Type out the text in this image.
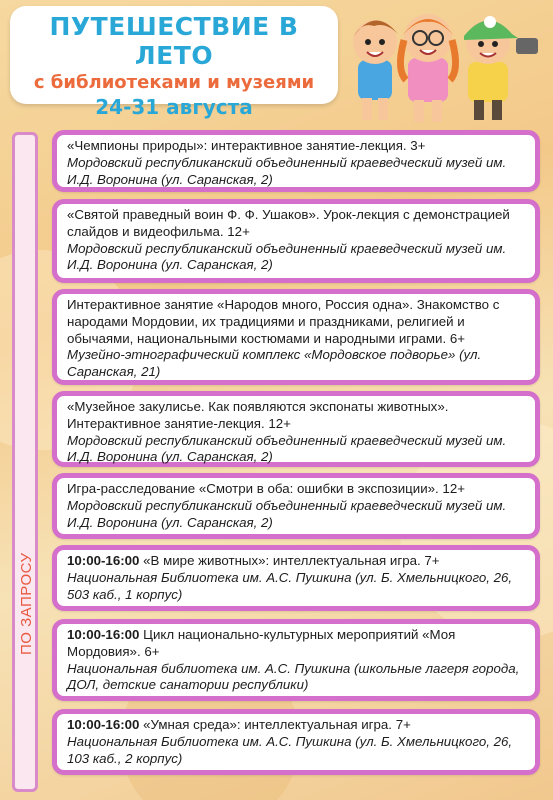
ПУТЕШЕСТВИЕ В ЛЕТО
с библиотеками и музеями
24-31 августа
ПО ЗАПРОСУ
«Чемпионы природы»: интерактивное занятие-лекция. 3+
Мордовский республиканский объединенный краеведческий музей им. И.Д. Воронина (ул. Саранская, 2)
«Святой праведный воин Ф. Ф. Ушаков». Урок-лекция с демонстрацией слайдов и видеофильма. 12+
Мордовский республиканский объединенный краеведческий музей им. И.Д. Воронина (ул. Саранская, 2)
Интерактивное занятие «Народов много, Россия одна». Знакомство с народами Мордовии, их традициями и праздниками, религией и обычаями, национальными костюмами и народными играми. 6+
Музейно-этнографический комплекс «Мордовское подворье» (ул. Саранская, 21)
«Музейное закулисье. Как появляются экспонаты животных». Интерактивное занятие-лекция. 12+
Мордовский республиканский объединенный краеведческий музей им. И.Д. Воронина (ул. Саранская, 2)
Игра-расследование «Смотри в оба: ошибки в экспозиции». 12+
Мордовский республиканский объединенный краеведческий музей им. И.Д. Воронина (ул. Саранская, 2)
10:00-16:00 «В мире животных»: интеллектуальная игра. 7+
Национальная Библиотека им. А.С. Пушкина (ул. Б. Хмельницкого, 26, 503 каб., 1 корпус)
10:00-16:00 Цикл национально-культурных мероприятий «Моя Мордовия». 6+
Национальная библиотека им. А.С. Пушкина (школьные лагеря города, ДОЛ, детские санатории республики)
10:00-16:00 «Умная среда»: интеллектуальная игра. 7+
Национальная Библиотека им. А.С. Пушкина (ул. Б. Хмельницкого, 26, 103 каб., 2 корпус)
